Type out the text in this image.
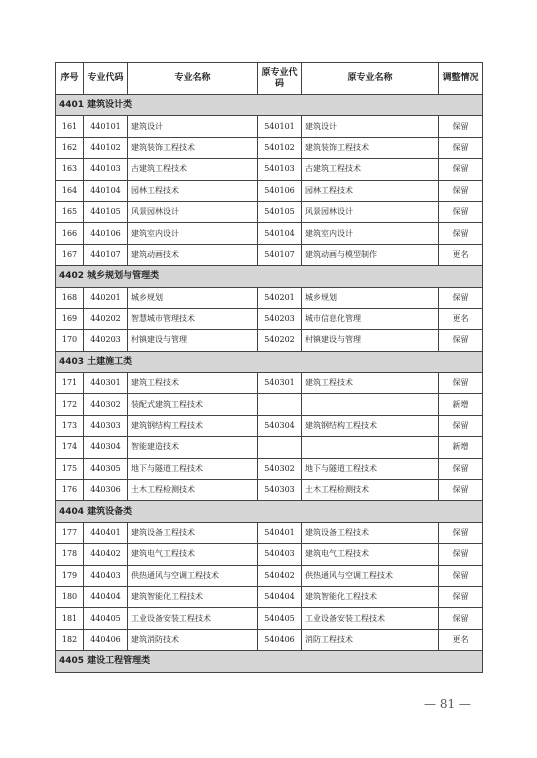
序号	专业代码	专业名称	原专业代码	原专业名称	调整情况
4401 建筑设计类					
161	440101	建筑设计	540101	建筑设计	保留
162	440102	建筑装饰工程技术	540102	建筑装饰工程技术	保留
163	440103	古建筑工程技术	540103	古建筑工程技术	保留
164	440104	园林工程技术	540106	园林工程技术	保留
165	440105	风景园林设计	540105	风景园林设计	保留
166	440106	建筑室内设计	540104	建筑室内设计	保留
167	440107	建筑动画技术	540107	建筑动画与模型制作	更名
4402 城乡规划与管理类					
168	440201	城乡规划	540201	城乡规划	保留
169	440202	智慧城市管理技术	540203	城市信息化管理	更名
170	440203	村镇建设与管理	540202	村镇建设与管理	保留
4403 土建施工类					
171	440301	建筑工程技术	540301	建筑工程技术	保留
172	440302	装配式建筑工程技术			新增
173	440303	建筑钢结构工程技术	540304	建筑钢结构工程技术	保留
174	440304	智能建造技术			新增
175	440305	地下与隧道工程技术	540302	地下与隧道工程技术	保留
176	440306	土木工程检测技术	540303	土木工程检测技术	保留
4404 建筑设备类					
177	440401	建筑设备工程技术	540401	建筑设备工程技术	保留
178	440402	建筑电气工程技术	540403	建筑电气工程技术	保留
179	440403	供热通风与空调工程技术	540402	供热通风与空调工程技术	保留
180	440404	建筑智能化工程技术	540404	建筑智能化工程技术	保留
181	440405	工业设备安装工程技术	540405	工业设备安装工程技术	保留
182	440406	建筑消防技术	540406	消防工程技术	更名
4405 建设工程管理类					
— 81 —
